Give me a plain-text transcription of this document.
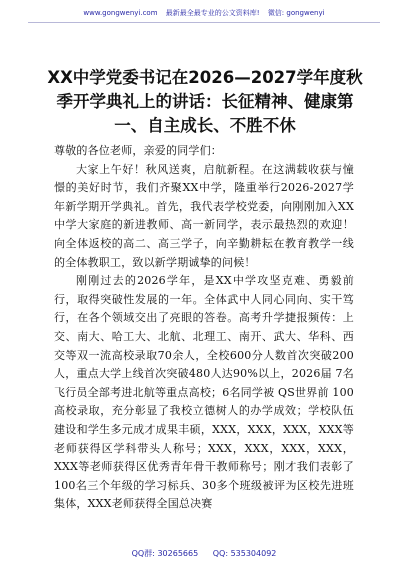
www.gongwenyi.com 最新最全最专业的公文资料库! 微信: gongwenyi
XX中学党委书记在2026—2027学年度秋季开学典礼上的讲话：长征精神、健康第一、自主成长、不胜不休

尊敬的各位老师，亲爱的同学们：

大家上午好！秋风送爽，启航新程。在这满载收获与憧憬的美好时节，我们齐聚XX中学，隆重举行2026-2027学年新学期开学典礼。首先，我代表学校党委，向刚刚加入XX中学大家庭的新进教师、高一新同学，表示最热烈的欢迎！向全体返校的高二、高三学子，向辛勤耕耘在教育教学一线的全体教职工，致以新学期诚挚的问候！

刚刚过去的2026学年，是XX中学攻坚克难、勇毅前行，取得突破性发展的一年。全体武中人同心同向、实干笃行，在各个领域交出了亮眼的答卷。高考升学捷报频传：上交、南大、哈工大、北航、北理工、南开、武大、华科、西交等双一流高校录取70余人，全校600分人数首次突破200人，重点大学上线首次突破480人达90%以上，2026届 7名飞行员全部考进北航等重点高校；6名同学被 QS世界前 100高校录取，充分彰显了我校立德树人的办学成效；学校队伍建设和学生多元成才成果丰硕，XXX，XXX，XXX，XXX等老师获得区学科带头人称号；XXX，XXX，XXX，XXX，XXX等老师获得区优秀青年骨干教师称号；刚才我们表彰了100名三个年级的学习标兵、30多个班级被评为区校先进班集体，XXX老师获得全国总决赛

QQ群: 30265665 QQ: 535304092
